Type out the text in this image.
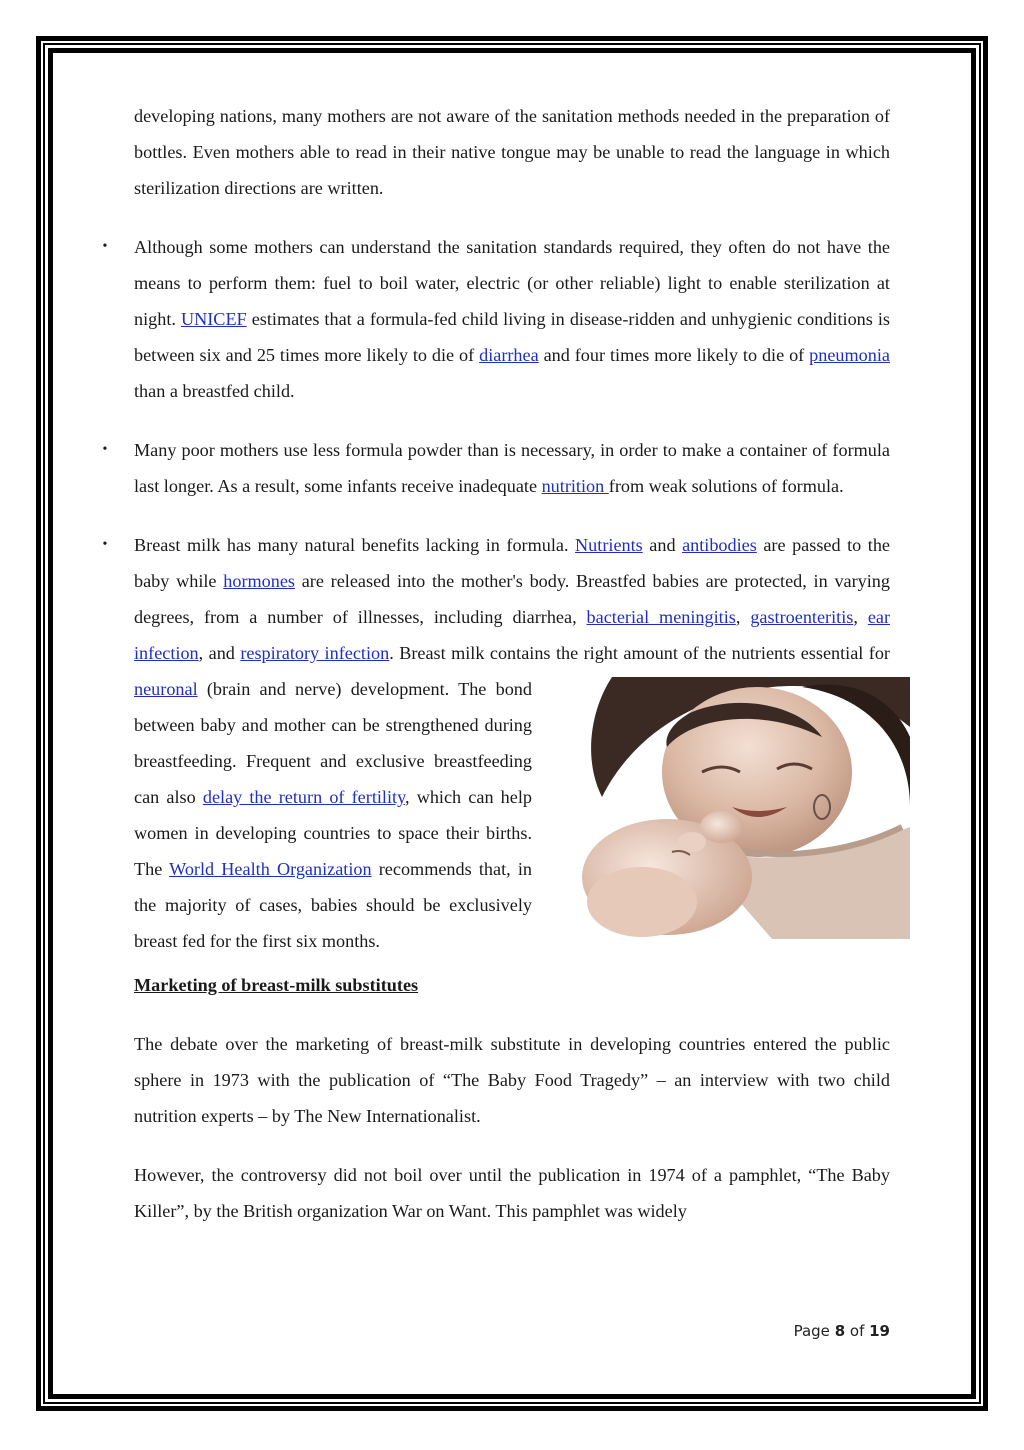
developing nations, many mothers are not aware of the sanitation methods needed in the preparation of bottles. Even mothers able to read in their native tongue may be unable to read the language in which sterilization directions are written.

• Although some mothers can understand the sanitation standards required, they often do not have the means to perform them: fuel to boil water, electric (or other reliable) light to enable sterilization at night. UNICEF estimates that a formula-fed child living in disease-ridden and unhygienic conditions is between six and 25 times more likely to die of diarrhea and four times more likely to die of pneumonia than a breastfed child.

• Many poor mothers use less formula powder than is necessary, in order to make a container of formula last longer. As a result, some infants receive inadequate nutrition from weak solutions of formula.

• Breast milk has many natural benefits lacking in formula. Nutrients and antibodies are passed to the baby while hormones are released into the mother's body. Breastfed babies are protected, in varying degrees, from a number of illnesses, including diarrhea, bacterial meningitis, gastroenteritis, ear infection, and respiratory infection. Breast milk contains the right amount of the nutrients essential for neuronal
(brain and nerve) development. The bond between baby and mother can be strengthened during breastfeeding. Frequent and exclusive breastfeeding can also delay the return of fertility, which can help women in developing countries to space their births. The World Health Organization recommends that, in the majority of cases, babies should be exclusively breast fed for the first six months.

Marketing of breast-milk substitutes

The debate over the marketing of breast-milk substitute in developing countries entered the public sphere in 1973 with the publication of “The Baby Food Tragedy” – an interview with two child nutrition experts – by The New Internationalist.

However, the controversy did not boil over until the publication in 1974 of a pamphlet, “The Baby Killer”, by the British organization War on Want. This pamphlet was widely

Page 8 of 19
